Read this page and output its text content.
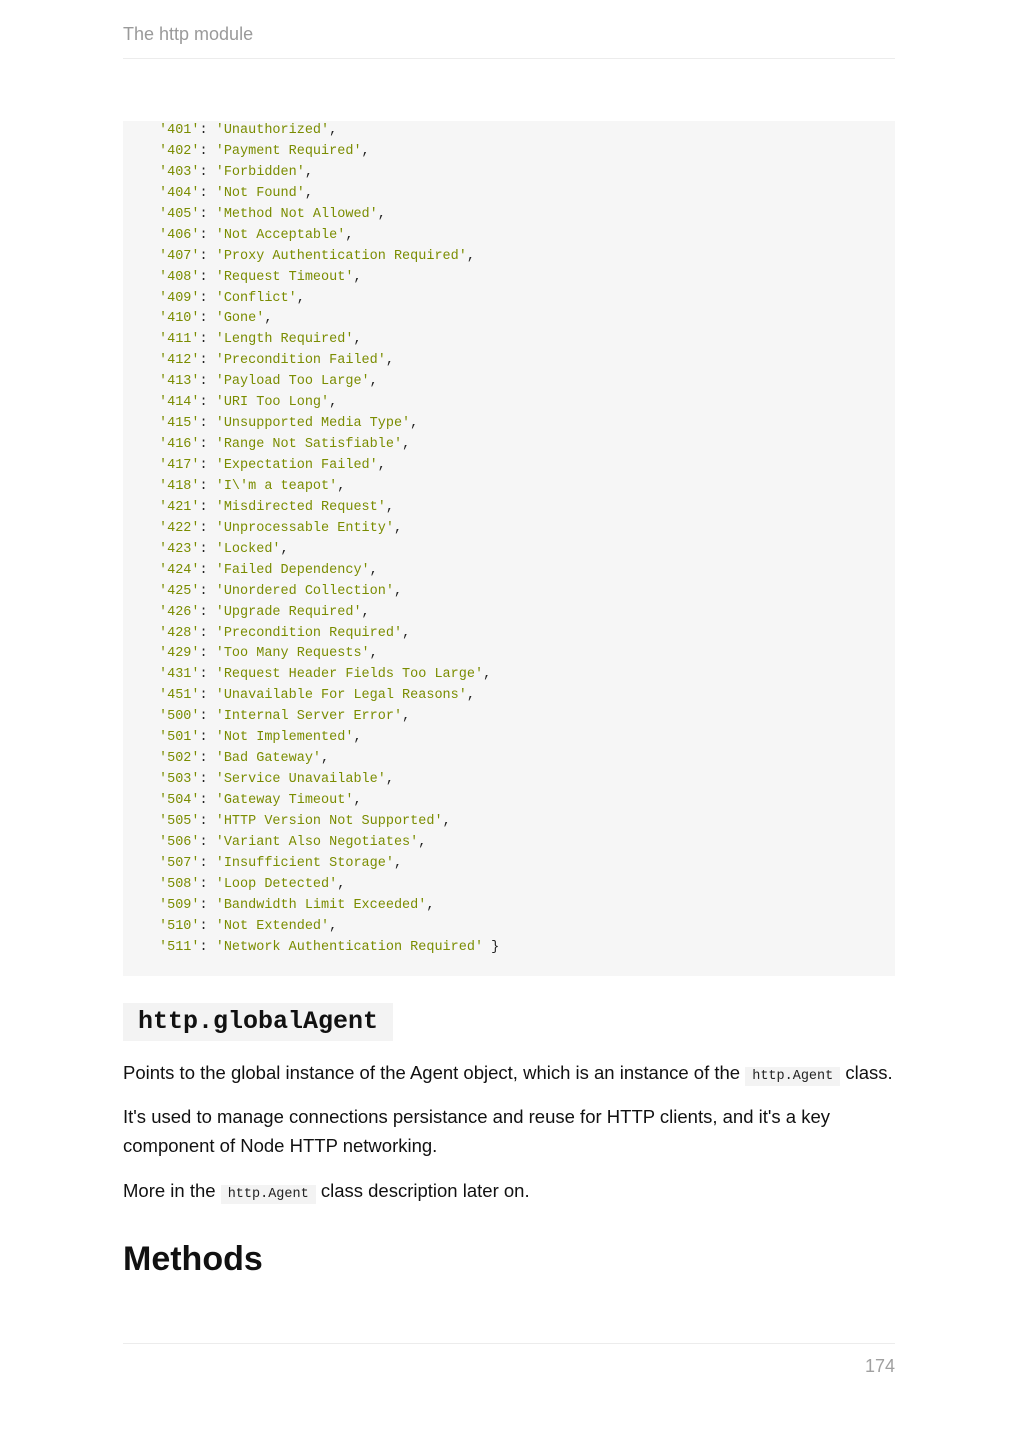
The http module
'401': 'Unauthorized',
'402': 'Payment Required',
'403': 'Forbidden',
'404': 'Not Found',
'405': 'Method Not Allowed',
'406': 'Not Acceptable',
'407': 'Proxy Authentication Required',
'408': 'Request Timeout',
'409': 'Conflict',
'410': 'Gone',
'411': 'Length Required',
'412': 'Precondition Failed',
'413': 'Payload Too Large',
'414': 'URI Too Long',
'415': 'Unsupported Media Type',
'416': 'Range Not Satisfiable',
'417': 'Expectation Failed',
'418': 'I\'m a teapot',
'421': 'Misdirected Request',
'422': 'Unprocessable Entity',
'423': 'Locked',
'424': 'Failed Dependency',
'425': 'Unordered Collection',
'426': 'Upgrade Required',
'428': 'Precondition Required',
'429': 'Too Many Requests',
'431': 'Request Header Fields Too Large',
'451': 'Unavailable For Legal Reasons',
'500': 'Internal Server Error',
'501': 'Not Implemented',
'502': 'Bad Gateway',
'503': 'Service Unavailable',
'504': 'Gateway Timeout',
'505': 'HTTP Version Not Supported',
'506': 'Variant Also Negotiates',
'507': 'Insufficient Storage',
'508': 'Loop Detected',
'509': 'Bandwidth Limit Exceeded',
'510': 'Not Extended',
'511': 'Network Authentication Required' }
http.globalAgent
Points to the global instance of the Agent object, which is an instance of the http.Agent class.
It's used to manage connections persistance and reuse for HTTP clients, and it's a key component of Node HTTP networking.
More in the http.Agent class description later on.
Methods
174
